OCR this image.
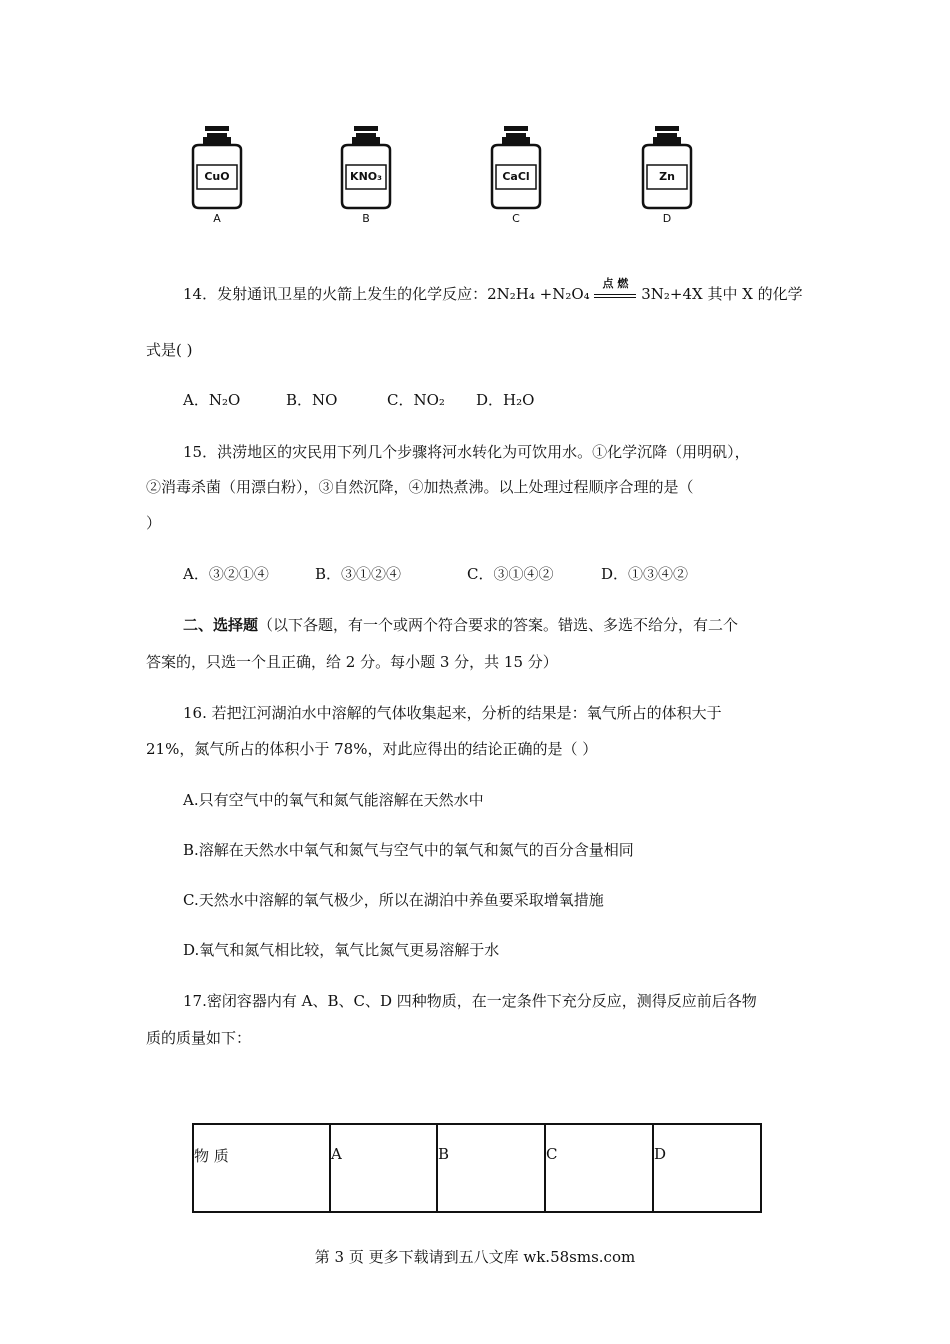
CuO
A
KNO₃
B
CaCl
C
Zn
D
14．发射通讯卫星的火箭上发生的化学反应：2N₂H₄ +N₂O₄
点 燃
3N₂+4X 其中 X 的化学
式是( )
A．N₂O	B．NO	C．NO₂ D．H₂O
15．洪涝地区的灾民用下列几个步骤将河水转化为可饮用水。①化学沉降（用明矾），
②消毒杀菌（用漂白粉），③自然沉降，④加热煮沸。以上处理过程顺序合理的是（
）
A．③②①④	B．③①②④	C．③①④②	D．①③④②
二、选择题（以下各题，有一个或两个符合要求的答案。错选、多选不给分，有二个
答案的，只选一个且正确，给 2 分。每小题 3 分，共 15 分）
16. 若把江河湖泊水中溶解的气体收集起来，分析的结果是：氧气所占的体积大于
21%，氮气所占的体积小于 78%，对此应得出的结论正确的是（ ）
A.只有空气中的氧气和氮气能溶解在天然水中
B.溶解在天然水中氧气和氮气与空气中的氧气和氮气的百分含量相同
C.天然水中溶解的氧气极少，所以在湖泊中养鱼要采取增氧措施
D.氧气和氮气相比较，氧气比氮气更易溶解于水
17.密闭容器内有 A、B、C、D 四种物质，在一定条件下充分反应，测得反应前后各物
质的质量如下：
物 质	A	B	C	D
第 3 页 更多下载请到五八文库 wk.58sms.com
